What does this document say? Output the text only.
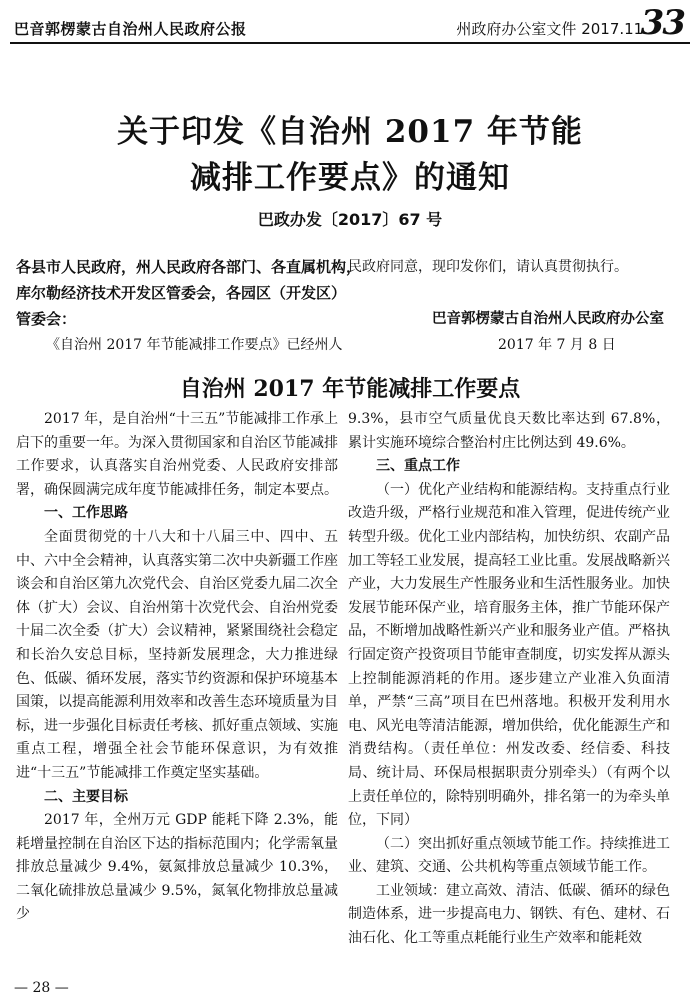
巴音郭楞蒙古自治州人民政府公报	州政府办公室文件 2017.11.
33
关于印发《自治州 2017 年节能
减排工作要点》的通知
巴政办发〔2017〕67 号
各县市人民政府，州人民政府各部门、各直属机构，
库尔勒经济技术开发区管委会，各园区（开发区）
管委会：
《自治州 2017 年节能减排工作要点》已经州人
民政府同意，现印发你们，请认真贯彻执行。
巴音郭楞蒙古自治州人民政府办公室
2017 年 7 月 8 日
自治州 2017 年节能减排工作要点

2017 年，是自治州“十三五”节能减排工作承上启下的重要一年。为深入贯彻国家和自治区节能减排工作要求，认真落实自治州党委、人民政府安排部署，确保圆满完成年度节能减排任务，制定本要点。

一、工作思路

全面贯彻党的十八大和十八届三中、四中、五中、六中全会精神，认真落实第二次中央新疆工作座谈会和自治区第九次党代会、自治区党委九届二次全体（扩大）会议、自治州第十次党代会、自治州党委十届二次全委（扩大）会议精神，紧紧围绕社会稳定和长治久安总目标，坚持新发展理念，大力推进绿色、低碳、循环发展，落实节约资源和保护环境基本国策，以提高能源利用效率和改善生态环境质量为目标，进一步强化目标责任考核、抓好重点领域、实施重点工程，增强全社会节能环保意识，为有效推进“十三五”节能减排工作奠定坚实基础。

二、主要目标

2017 年，全州万元 GDP 能耗下降 2.3%，能耗增量控制在自治区下达的指标范围内；化学需氧量排放总量减少 9.4%，氨氮排放总量减少 10.3%，二氧化硫排放总量减少 9.5%，氮氧化物排放总量减少

9.3%，县市空气质量优良天数比率达到 67.8%，累计实施环境综合整治村庄比例达到 49.6%。

三、重点工作

（一）优化产业结构和能源结构。支持重点行业改造升级，严格行业规范和准入管理，促进传统产业转型升级。优化工业内部结构，加快纺织、农副产品加工等轻工业发展，提高轻工业比重。发展战略新兴产业，大力发展生产性服务业和生活性服务业。加快发展节能环保产业，培育服务主体，推广节能环保产品，不断增加战略性新兴产业和服务业产值。严格执行固定资产投资项目节能审查制度，切实发挥从源头上控制能源消耗的作用。逐步建立产业准入负面清单，严禁“三高”项目在巴州落地。积极开发利用水电、风光电等清洁能源，增加供给，优化能源生产和消费结构。（责任单位：州发改委、经信委、科技局、统计局、环保局根据职责分别牵头）（有两个以上责任单位的，除特别明确外，排名第一的为牵头单位，下同）

（二）突出抓好重点领域节能工作。持续推进工业、建筑、交通、公共机构等重点领域节能工作。

工业领域：建立高效、清洁、低碳、循环的绿色制造体系，进一步提高电力、钢铁、有色、建材、石油石化、化工等重点耗能行业生产效率和能耗效

— 28 —
